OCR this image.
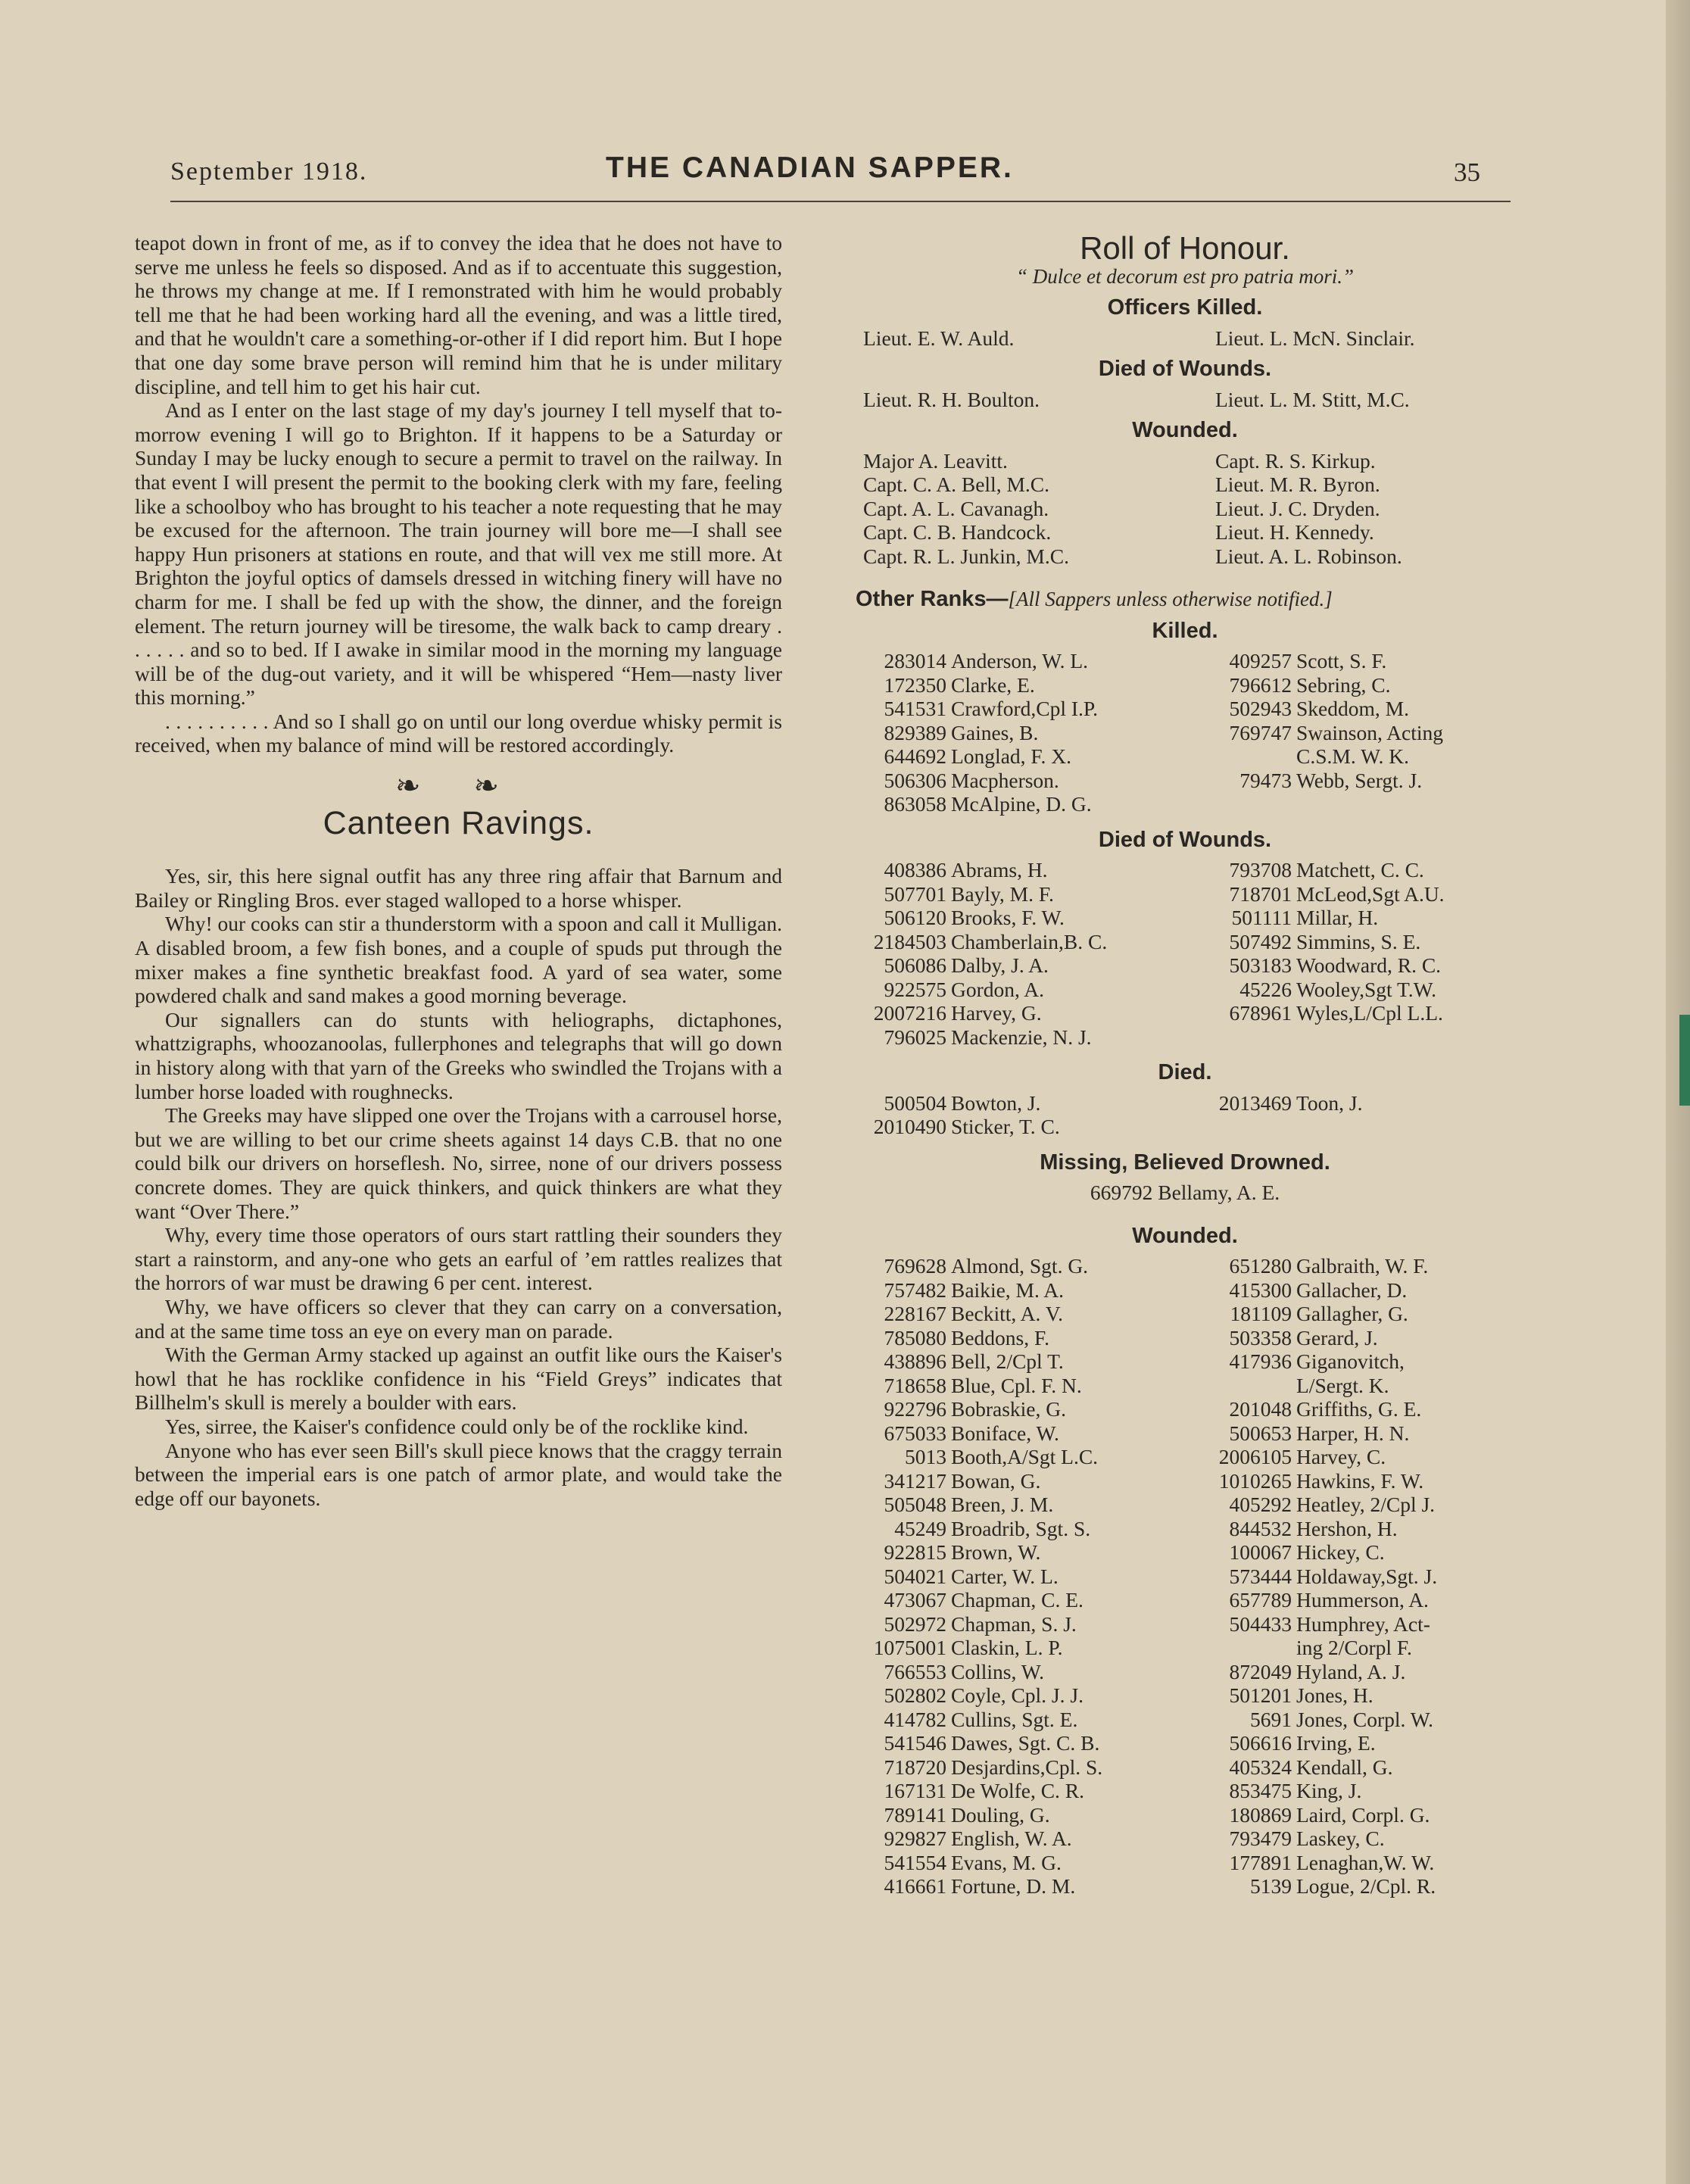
September 1918.	THE CANADIAN SAPPER.	35

teapot down in front of me, as if to convey the idea that he does not have to serve me unless he feels so disposed. And as if to accentuate this suggestion, he throws my change at me. If I remonstrated with him he would probably tell me that he had been working hard all the evening, and was a little tired, and that he wouldn't care a something-or-other if I did report him. But I hope that one day some brave person will remind him that he is under military discipline, and tell him to get his hair cut.

And as I enter on the last stage of my day's journey I tell myself that to-morrow evening I will go to Brighton. If it happens to be a Saturday or Sunday I may be lucky enough to secure a permit to travel on the railway. In that event I will present the permit to the booking clerk with my fare, feeling like a schoolboy who has brought to his teacher a note requesting that he may be excused for the afternoon. The train journey will bore me—I shall see happy Hun prisoners at stations en route, and that will vex me still more. At Brighton the joyful optics of damsels dressed in witching finery will have no charm for me. I shall be fed up with the show, the dinner, and the foreign element. The return journey will be tiresome, the walk back to camp dreary . . . . . . and so to bed. If I awake in similar mood in the morning my language will be of the dug-out variety, and it will be whispered “Hem—nasty liver this morning.”

. . . . . . . . . . And so I shall go on until our long overdue whisky permit is received, when my balance of mind will be restored accordingly.

❧ ❧
Canteen Ravings.

Yes, sir, this here signal outfit has any three ring affair that Barnum and Bailey or Ringling Bros. ever staged walloped to a horse whisper.

Why! our cooks can stir a thunderstorm with a spoon and call it Mulligan. A disabled broom, a few fish bones, and a couple of spuds put through the mixer makes a fine synthetic breakfast food. A yard of sea water, some powdered chalk and sand makes a good morning beverage.

Our signallers can do stunts with heliographs, dictaphones, whattzigraphs, whoozanoolas, fullerphones and telegraphs that will go down in history along with that yarn of the Greeks who swindled the Trojans with a lumber horse loaded with roughnecks.

The Greeks may have slipped one over the Trojans with a carrousel horse, but we are willing to bet our crime sheets against 14 days C.B. that no one could bilk our drivers on horseflesh. No, sirree, none of our drivers possess concrete domes. They are quick thinkers, and quick thinkers are what they want “Over There.”

Why, every time those operators of ours start rattling their sounders they start a rainstorm, and any-one who gets an earful of ’em rattles realizes that the horrors of war must be drawing 6 per cent. interest.

Why, we have officers so clever that they can carry on a conversation, and at the same time toss an eye on every man on parade.

With the German Army stacked up against an outfit like ours the Kaiser's howl that he has rocklike confidence in his “Field Greys” indicates that Billhelm's skull is merely a boulder with ears.

Yes, sirree, the Kaiser's confidence could only be of the rocklike kind.

Anyone who has ever seen Bill's skull piece knows that the craggy terrain between the imperial ears is one patch of armor plate, and would take the edge off our bayonets.

Roll of Honour.
“ Dulce et decorum est pro patria mori.”
Officers Killed.
Lieut. E. W. Auld.	Lieut. L. McN. Sinclair.
Died of Wounds.
Lieut. R. H. Boulton.	Lieut. L. M. Stitt, M.C.
Wounded.
Major A. Leavitt.	Capt. R. S. Kirkup.
Capt. C. A. Bell, M.C.	Lieut. M. R. Byron.
Capt. A. L. Cavanagh.	Lieut. J. C. Dryden.
Capt. C. B. Handcock.	Lieut. H. Kennedy.
Capt. R. L. Junkin, M.C.	Lieut. A. L. Robinson.
Other Ranks—[All Sappers unless otherwise notified.]
Killed.
283014	Anderson, W. L.	409257	Scott, S. F.
172350	Clarke, E.	796612	Sebring, C.
541531	Crawford,Cpl I.P.	502943	Skeddom, M.
829389	Gaines, B.	769747	Swainson, Acting
644692	Longlad, F. X.		C.S.M. W. K.
506306	Macpherson.	79473	Webb, Sergt. J.
863058	McAlpine, D. G.		
Died of Wounds.
408386	Abrams, H.	793708	Matchett, C. C.
507701	Bayly, M. F.	718701	McLeod,Sgt A.U.
506120	Brooks, F. W.	501111	Millar, H.
2184503	Chamberlain,B. C.	507492	Simmins, S. E.
506086	Dalby, J. A.	503183	Woodward, R. C.
922575	Gordon, A.	45226	Wooley,Sgt T.W.
2007216	Harvey, G.	678961	Wyles,L/Cpl L.L.
796025	Mackenzie, N. J.		
Died.
500504	Bowton, J.	2013469	Toon, J.
2010490	Sticker, T. C.		
Missing, Believed Drowned.
669792 Bellamy, A. E.
Wounded.
769628	Almond, Sgt. G.	651280	Galbraith, W. F.
757482	Baikie, M. A.	415300	Gallacher, D.
228167	Beckitt, A. V.	181109	Gallagher, G.
785080	Beddons, F.	503358	Gerard, J.
438896	Bell, 2/Cpl T.	417936	Giganovitch,
718658	Blue, Cpl. F. N.		L/Sergt. K.
922796	Bobraskie, G.	201048	Griffiths, G. E.
675033	Boniface, W.	500653	Harper, H. N.
5013	Booth,A/Sgt L.C.	2006105	Harvey, C.
341217	Bowan, G.	1010265	Hawkins, F. W.
505048	Breen, J. M.	405292	Heatley, 2/Cpl J.
45249	Broadrib, Sgt. S.	844532	Hershon, H.
922815	Brown, W.	100067	Hickey, C.
504021	Carter, W. L.	573444	Holdaway,Sgt. J.
473067	Chapman, C. E.	657789	Hummerson, A.
502972	Chapman, S. J.	504433	Humphrey, Act-
1075001	Claskin, L. P.		ing 2/Corpl F.
766553	Collins, W.	872049	Hyland, A. J.
502802	Coyle, Cpl. J. J.	501201	Jones, H.
414782	Cullins, Sgt. E.	5691	Jones, Corpl. W.
541546	Dawes, Sgt. C. B.	506616	Irving, E.
718720	Desjardins,Cpl. S.	405324	Kendall, G.
167131	De Wolfe, C. R.	853475	King, J.
789141	Douling, G.	180869	Laird, Corpl. G.
929827	English, W. A.	793479	Laskey, C.
541554	Evans, M. G.	177891	Lenaghan,W. W.
416661	Fortune, D. M.	5139	Logue, 2/Cpl. R.
